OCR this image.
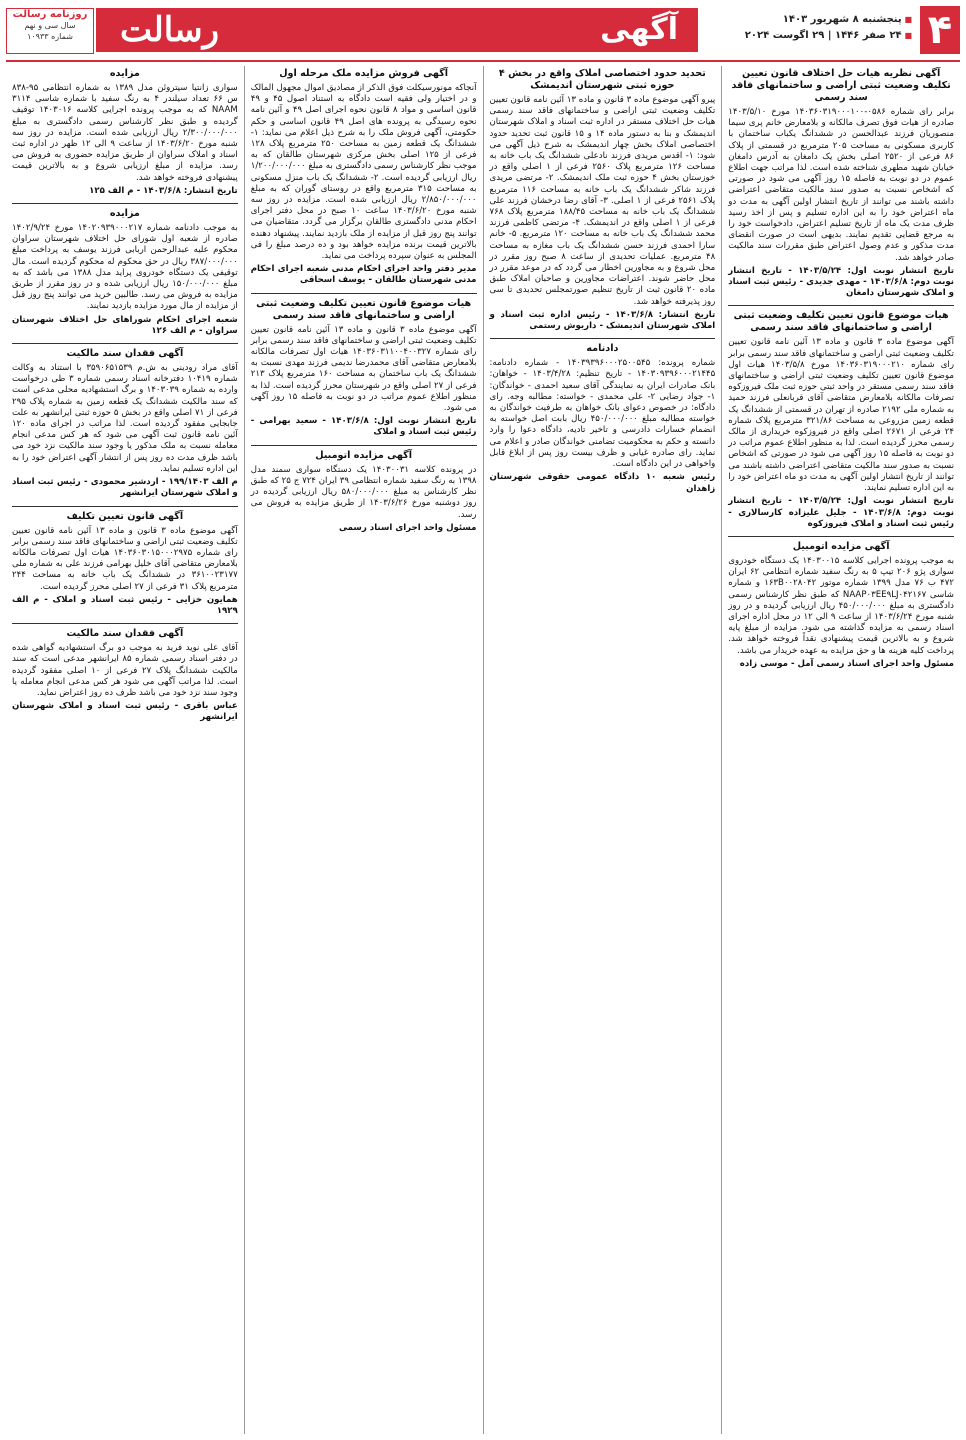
۴
■ پنجشنبه ۸ شهریور ۱۴۰۳
■ ۲۴ صفر ۱۴۴۶ | ۲۹ اگوست ۲۰۲۴
آگهی
رسالت
روزنامه رسالت
سال سی و نهم
شماره ۱۰۹۳۳
آگهی نظریه هیات حل اختلاف قانون تعیین تکلیف وضعیت ثبتی اراضی و ساختمانهای فاقد سند رسمی

برابر رای شماره ۰۵۸۶-۱۴۰۳۶۰۳۱۹۰۰۰۱۰۰ مورخ ۱۴۰۳/۵/۱۰ صادره از هیات فوق تصرف مالکانه و بلامعارض خانم پری سیما منصوریان فرزند عبدالحسن در ششدانگ یکباب ساختمان با کاربری مسکونی به مساحت ۲۰۵ مترمربع در قسمتی از پلاک ۸۶ فرعی از ۲۵۲۰ اصلی بخش یک دامغان به آدرس دامغان خیابان شهید مطهری شناخته شده است. لذا مراتب جهت اطلاع عموم در دو نوبت به فاصله ۱۵ روز آگهی می شود در صورتی که اشخاص نسبت به صدور سند مالکیت متقاضی اعتراضی داشته باشند می توانند از تاریخ انتشار اولین آگهی به مدت دو ماه اعتراض خود را به این اداره تسلیم و پس از اخذ رسید ظرف مدت یک ماه از تاریخ تسلیم اعتراض، دادخواست خود را به مرجع قضایی تقدیم نمایند. بدیهی است در صورت انقضای مدت مذکور و عدم وصول اعتراض طبق مقررات سند مالکیت صادر خواهد شد.

تاریخ انتشار نوبت اول: ۱۴۰۳/۵/۲۴ - تاریخ انتشار نوبت دوم: ۱۴۰۳/۶/۸ - مهدی جدیدی - رئیس ثبت اسناد و املاک شهرستان دامغان
هیات موضوع قانون تعیین تکلیف وضعیت ثبتی اراضی و ساختمانهای فاقد سند رسمی

آگهی موضوع ماده ۳ قانون و ماده ۱۳ آئین نامه قانون تعیین تکلیف وضعیت ثبتی اراضی و ساختمانهای فاقد سند رسمی برابر رای شماره ۱۴۰۳۶۰۳۱۹۰۰۰۲۱۰ مورخ ۱۴۰۳/۵/۸ هیات اول موضوع قانون تعیین تکلیف وضعیت ثبتی اراضی و ساختمانهای فاقد سند رسمی مستقر در واحد ثبتی حوزه ثبت ملک فیروزکوه تصرفات مالکانه بلامعارض متقاضی آقای قربانعلی فرزند حمید به شماره ملی ۲۱۹۲ صادره از تهران در قسمتی از ششدانگ یک قطعه زمین مزروعی به مساحت ۳۲۱/۸۶ مترمربع پلاک شماره ۲۴ فرعی از ۲۶۷۱ اصلی واقع در فیروزکوه خریداری از مالک رسمی محرز گردیده است. لذا به منظور اطلاع عموم مراتب در دو نوبت به فاصله ۱۵ روز آگهی می شود در صورتی که اشخاص نسبت به صدور سند مالکیت متقاضی اعتراضی داشته باشند می توانند از تاریخ انتشار اولین آگهی به مدت دو ماه اعتراض خود را به این اداره تسلیم نمایند.

تاریخ انتشار نوبت اول: ۱۴۰۳/۵/۲۴ - تاریخ انتشار نوبت دوم: ۱۴۰۳/۶/۸ - جلیل علیزاده کارسالاری - رئیس ثبت اسناد و املاک فیروزکوه
آگهی مزایده اتومبیل

به موجب پرونده اجرایی کلاسه ۱۴۰۳۰۰۱۵ یک دستگاه خودروی سواری پژو ۲۰۶ تیپ ۵ به رنگ سفید شماره انتظامی ۶۲ ایران ۴۷۲ ب ۷۶ مدل ۱۳۹۹ شماره موتور ۱۶۳B۰۰۲۸۰۴۲ و شماره شاسی NAAP۰۳EE۹LJ۰۴۲۱۶۷ که طبق نظر کارشناس رسمی دادگستری به مبلغ ۴۵۰/۰۰۰/۰۰۰ ریال ارزیابی گردیده و در روز شنبه مورخ ۱۴۰۳/۶/۲۴ از ساعت ۹ الی ۱۲ در محل اداره اجرای اسناد رسمی به مزایده گذاشته می شود. مزایده از مبلغ پایه شروع و به بالاترین قیمت پیشنهادی نقداً فروخته خواهد شد. پرداخت کلیه هزینه ها و حق مزایده به عهده خریدار می باشد.

مسئول واحد اجرای اسناد رسمی آمل - موسی زاده
تحدید حدود اختصاصی املاک واقع در بخش ۴ حوزه ثبتی شهرستان اندیمشک

پیرو آگهی موضوع ماده ۳ قانون و ماده ۱۳ آئین نامه قانون تعیین تکلیف وضعیت ثبتی اراضی و ساختمانهای فاقد سند رسمی هیات حل اختلاف مستقر در اداره ثبت اسناد و املاک شهرستان اندیمشک و بنا به دستور ماده ۱۴ و ۱۵ قانون ثبت تحدید حدود اختصاصی املاک بخش چهار اندیمشک به شرح ذیل آگهی می شود: ۱- اقدس مریدی فرزند نادعلی ششدانگ یک باب خانه به مساحت ۱۲۶ مترمربع پلاک ۲۵۶۰ فرعی از ۱ اصلی واقع در خوزستان بخش ۴ حوزه ثبت ملک اندیمشک. ۲- مرتضی مریدی فرزند شاکر ششدانگ یک باب خانه به مساحت ۱۱۶ مترمربع پلاک ۲۵۶۱ فرعی از ۱ اصلی. ۳- آقای رضا درخشان فرزند علی ششدانگ یک باب خانه به مساحت ۱۸۸/۴۵ مترمربع پلاک ۷۶۸ فرعی از ۱ اصلی واقع در اندیمشک. ۴- مرتضی کاظمی فرزند محمد ششدانگ یک باب خانه به مساحت ۱۲۰ مترمربع. ۵- خانم سارا احمدی فرزند حسن ششدانگ یک باب مغازه به مساحت ۴۸ مترمربع. عملیات تحدیدی از ساعت ۸ صبح روز مقرر در محل شروع و به مجاورین اخطار می گردد که در موعد مقرر در محل حاضر شوند. اعتراضات مجاورین و صاحبان املاک طبق ماده ۲۰ قانون ثبت از تاریخ تنظیم صورتمجلس تحدیدی تا سی روز پذیرفته خواهد شد.

تاریخ انتشار: ۱۴۰۳/۶/۸ - رئیس اداره ثبت اسناد و املاک شهرستان اندیمشک - داریوش رستمی
دادنامه

شماره پرونده: ۱۴۰۳۹۳۹۶۰۰۰۲۵۰۰۵۴۵ - شماره دادنامه: ۱۴۰۳۰۹۳۹۶۰۰۰۲۱۴۴۵ - تاریخ تنظیم: ۱۴۰۳/۴/۲۸ - خواهان: بانک صادرات ایران به نمایندگی آقای سعید احمدی - خواندگان: ۱- جواد رضایی ۲- علی محمدی - خواسته: مطالبه وجه. رای دادگاه: در خصوص دعوای بانک خواهان به طرفیت خواندگان به خواسته مطالبه مبلغ ۴۵۰/۰۰۰/۰۰۰ ریال بابت اصل خواسته به انضمام خسارات دادرسی و تاخیر تادیه، دادگاه دعوا را وارد دانسته و حکم به محکومیت تضامنی خواندگان صادر و اعلام می نماید. رای صادره غیابی و ظرف بیست روز پس از ابلاغ قابل واخواهی در این دادگاه است.

رئیس شعبه ۱۰ دادگاه عمومی حقوقی شهرستان زاهدان
آگهی فروش مزایده ملک مرحله اول

آنجاکه مونورسیکلت فوق الذکر از مصادیق اموال مجهول المالک و در اختیار ولی فقیه است دادگاه به استناد اصول ۴۵ و ۴۹ قانون اساسی و مواد ۸ قانون نحوه اجرای اصل ۴۹ و آئین نامه نحوه رسیدگی به پرونده های اصل ۴۹ قانون اساسی و حکم حکومتی، آگهی فروش ملک را به شرح ذیل اعلام می نماید: ۱- ششدانگ یک قطعه زمین به مساحت ۲۵۰ مترمربع پلاک ۱۲۸ فرعی از ۱۲۵ اصلی بخش مرکزی شهرستان طالقان که به موجب نظر کارشناس رسمی دادگستری به مبلغ ۱/۲۰۰/۰۰۰/۰۰۰ ریال ارزیابی گردیده است. ۲- ششدانگ یک باب منزل مسکونی به مساحت ۳۱۵ مترمربع واقع در روستای گوران که به مبلغ ۲/۸۵۰/۰۰۰/۰۰۰ ریال ارزیابی شده است. مزایده در روز سه شنبه مورخ ۱۴۰۳/۶/۲۰ ساعت ۱۰ صبح در محل دفتر اجرای احکام مدنی دادگستری طالقان برگزار می گردد. متقاضیان می توانند پنج روز قبل از مزایده از ملک بازدید نمایند. پیشنهاد دهنده بالاترین قیمت برنده مزایده خواهد بود و ده درصد مبلغ را فی المجلس به عنوان سپرده پرداخت می نماید.

مدیر دفتر واحد اجرای احکام مدنی شعبه اجرای احکام مدنی شهرستان طالقان - یوسف اسحاقی
هیات موضوع قانون تعیین تکلیف وضعیت ثبتی اراضی و ساختمانهای فاقد سند رسمی

آگهی موضوع ماده ۳ قانون و ماده ۱۳ آئین نامه قانون تعیین تکلیف وضعیت ثبتی اراضی و ساختمانهای فاقد سند رسمی برابر رای شماره ۱۴۰۳۶۰۳۱۱۰۰۴۰۰۳۲۷ هیات اول تصرفات مالکانه بلامعارض متقاضی آقای محمدرضا ندیمی فرزند مهدی نسبت به ششدانگ یک باب ساختمان به مساحت ۱۶۰ مترمربع پلاک ۲۱۳ فرعی از ۲۷ اصلی واقع در شهرستان محرز گردیده است. لذا به منظور اطلاع عموم مراتب در دو نوبت به فاصله ۱۵ روز آگهی می شود.

تاریخ انتشار نوبت اول: ۱۴۰۳/۶/۸ - سعید بهرامی - رئیس ثبت اسناد و املاک
آگهی مزایده اتومبیل

در پرونده کلاسه ۱۴۰۳۰۰۳۱ یک دستگاه سواری سمند مدل ۱۳۹۸ به رنگ سفید شماره انتظامی ۳۹ ایران ۷۲۴ ج ۲۵ که طبق نظر کارشناس به مبلغ ۵۸۰/۰۰۰/۰۰۰ ریال ارزیابی گردیده در روز دوشنبه مورخ ۱۴۰۳/۶/۲۶ از طریق مزایده به فروش می رسد.

مسئول واحد اجرای اسناد رسمی
مزایده

سواری زانتیا سیتروئن مدل ۱۳۸۹ به شماره انتظامی ۹۵-۸۳۸ س ۶۶ تعداد سیلندر ۴ به رنگ سفید با شماره شاسی ۳۱۱۴ NAAM که به موجب پرونده اجرایی کلاسه ۱۴۰۳۰۱۶ توقیف گردیده و طبق نظر کارشناس رسمی دادگستری به مبلغ ۲/۳۰۰/۰۰۰/۰۰۰ ریال ارزیابی شده است. مزایده در روز سه شنبه مورخ ۱۴۰۳/۶/۲۰ از ساعت ۹ الی ۱۲ ظهر در اداره ثبت اسناد و املاک سراوان از طریق مزایده حضوری به فروش می رسد. مزایده از مبلغ ارزیابی شروع و به بالاترین قیمت پیشنهادی فروخته خواهد شد.

تاریخ انتشار: ۱۴۰۳/۶/۸ - م الف ۱۲۵
مزایده

به موجب دادنامه شماره ۱۴۰۲۰۹۳۹۰۰۰۲۱۷ مورخ ۱۴۰۲/۹/۲۴ صادره از شعبه اول شورای حل اختلاف شهرستان سراوان محکوم علیه عبدالرحمن اربابی فرزند یوسف به پرداخت مبلغ ۳۸۷/۰۰۰/۰۰۰ ریال در حق محکوم له محکوم گردیده است. مال توقیفی یک دستگاه خودروی پراید مدل ۱۳۸۸ می باشد که به مبلغ ۱۵۰/۰۰۰/۰۰۰ ریال ارزیابی شده و در روز مقرر از طریق مزایده به فروش می رسد. طالبین خرید می توانند پنج روز قبل از مزایده از مال مورد مزایده بازدید نمایند.

شعبه اجرای احکام شوراهای حل اختلاف شهرستان سراوان - م الف ۱۲۶
آگهی فقدان سند مالکیت

آقای مراد رودینی به ش.م ۳۵۹۰۶۵۱۵۳۹ با استناد به وکالت شماره ۱۰۴۱۹ دفترخانه اسناد رسمی شماره ۳ طی درخواست وارده به شماره ۱۴۰۳۰۳۹ و برگ استشهادیه محلی مدعی است که سند مالکیت ششدانگ یک قطعه زمین به شماره پلاک ۲۹۵ فرعی از ۷۱ اصلی واقع در بخش ۵ حوزه ثبتی ایرانشهر به علت جابجایی مفقود گردیده است. لذا مراتب در اجرای ماده ۱۲۰ آئین نامه قانون ثبت آگهی می شود که هر کس مدعی انجام معامله نسبت به ملک مذکور یا وجود سند مالکیت نزد خود می باشد ظرف مدت ده روز پس از انتشار آگهی اعتراض خود را به این اداره تسلیم نماید.

م الف ۱۹۹/۱۴۰۳ - اردشیر محمودی - رئیس ثبت اسناد و املاک شهرستان ایرانشهر
آگهی قانون تعیین تکلیف

آگهی موضوع ماده ۳ قانون و ماده ۱۳ آئین نامه قانون تعیین تکلیف وضعیت ثبتی اراضی و ساختمانهای فاقد سند رسمی برابر رای شماره ۱۴۰۳۶۰۳۰۱۵۰۰۰۲۹۷۵ هیات اول تصرفات مالکانه بلامعارض متقاضی آقای خلیل بهرامی فرزند علی به شماره ملی ۳۶۱۰۰۲۳۱۷۷ در ششدانگ یک باب خانه به مساحت ۲۴۴ مترمربع پلاک ۳۱ فرعی از ۲۷ اصلی محرز گردیده است.

همایون خزایی - رئیس ثبت اسناد و املاک - م الف ۱۹۲۹
آگهی فقدان سند مالکیت

آقای علی نوید فرید به موجب دو برگ استشهادیه گواهی شده در دفتر اسناد رسمی شماره ۸۵ ایرانشهر مدعی است که سند مالکیت ششدانگ پلاک ۲۷ فرعی از ۱۰ اصلی مفقود گردیده است. لذا مراتب آگهی می شود هر کس مدعی انجام معامله یا وجود سند نزد خود می باشد ظرف ده روز اعتراض نماید.

عباس باقری - رئیس ثبت اسناد و املاک شهرستان ایرانشهر
